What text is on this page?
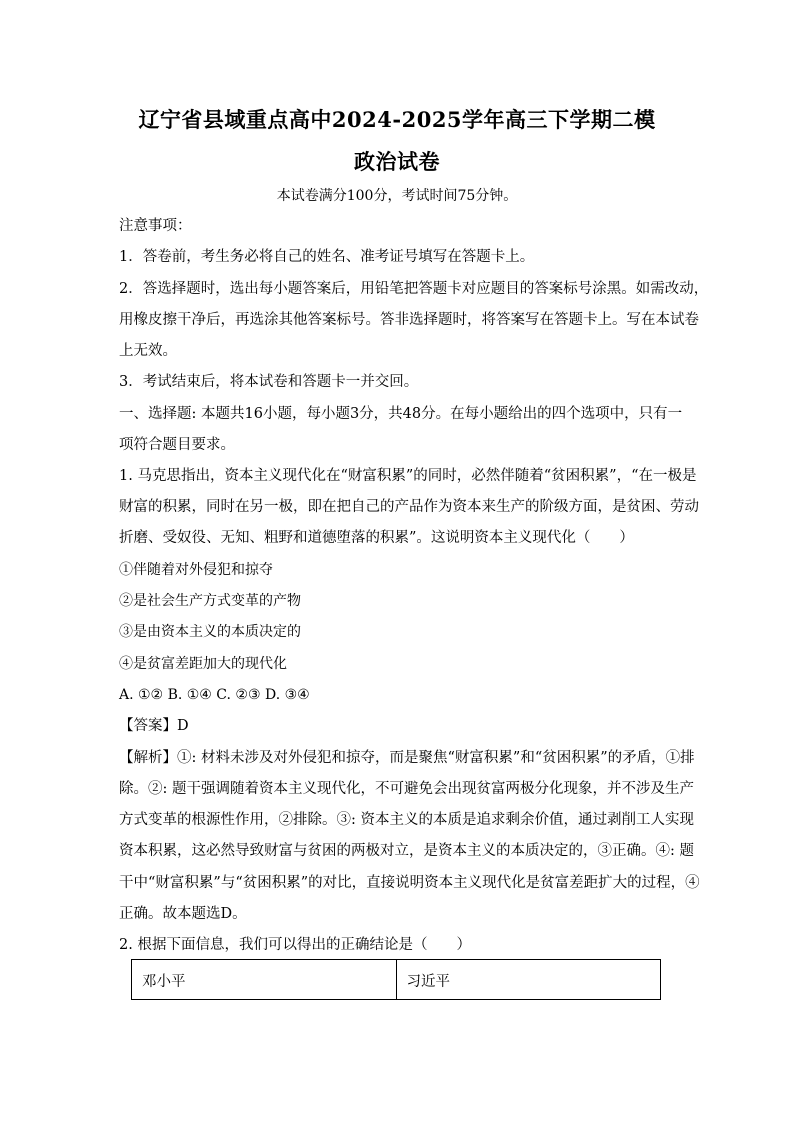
辽宁省县域重点高中2024-2025学年高三下学期二模
政治试卷
本试卷满分100分，考试时间75分钟。
注意事项：
1．答卷前，考生务必将自己的姓名、准考证号填写在答题卡上。
2．答选择题时，选出每小题答案后，用铅笔把答题卡对应题目的答案标号涂黑。如需改动，
用橡皮擦干净后，再选涂其他答案标号。答非选择题时，将答案写在答题卡上。写在本试卷
上无效。
3．考试结束后，将本试卷和答题卡一并交回。
一、选择题: 本题共16小题，每小题3分，共48分。在每小题给出的四个选项中，只有一
项符合题目要求。
1. 马克思指出，资本主义现代化在“财富积累”的同时，必然伴随着“贫困积累”，“在一极是
财富的积累，同时在另一极，即在把自己的产品作为资本来生产的阶级方面，是贫困、劳动
折磨、受奴役、无知、粗野和道德堕落的积累”。这说明资本主义现代化（　　）
①伴随着对外侵犯和掠夺
②是社会生产方式变革的产物
③是由资本主义的本质决定的
④是贫富差距加大的现代化
A. ①② B. ①④ C. ②③ D. ③④
【答案】D
【解析】①: 材料未涉及对外侵犯和掠夺，而是聚焦“财富积累”和“贫困积累”的矛盾，①排
除。②: 题干强调随着资本主义现代化，不可避免会出现贫富两极分化现象，并不涉及生产
方式变革的根源性作用，②排除。③: 资本主义的本质是追求剩余价值，通过剥削工人实现
资本积累，这必然导致财富与贫困的两极对立，是资本主义的本质决定的，③正确。④: 题
干中“财富积累”与“贫困积累”的对比，直接说明资本主义现代化是贫富差距扩大的过程，④
正确。故本题选D。
2. 根据下面信息，我们可以得出的正确结论是（　　）
邓小平	习近平
